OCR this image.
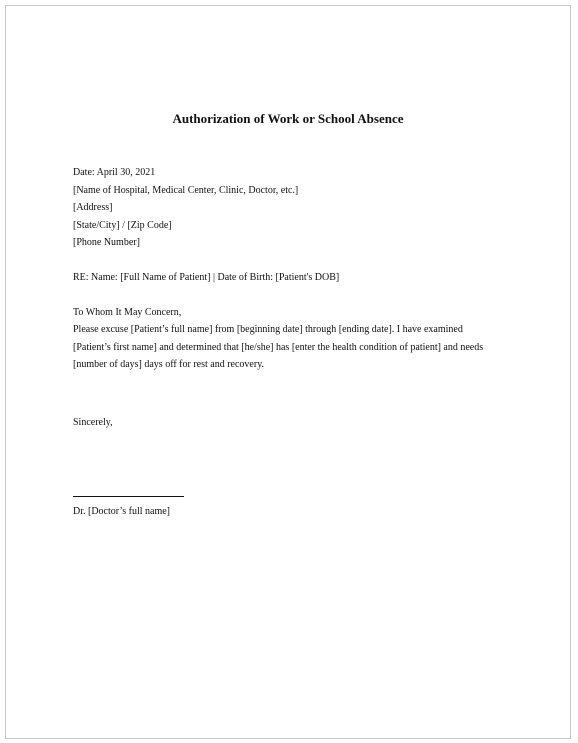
Authorization of Work or School Absence
Date: April 30, 2021
[Name of Hospital, Medical Center, Clinic, Doctor, etc.]
[Address]
[State/City] / [Zip Code]
[Phone Number]
RE: Name: [Full Name of Patient] | Date of Birth: [Patient's DOB]
To Whom It May Concern,
Please excuse [Patient’s full name] from [beginning date] through [ending date]. I have examined
[Patient’s first name] and determined that [he/she] has [enter the health condition of patient] and needs
[number of days] days off for rest and recovery.
Sincerely,
Dr. [Doctor’s full name]
